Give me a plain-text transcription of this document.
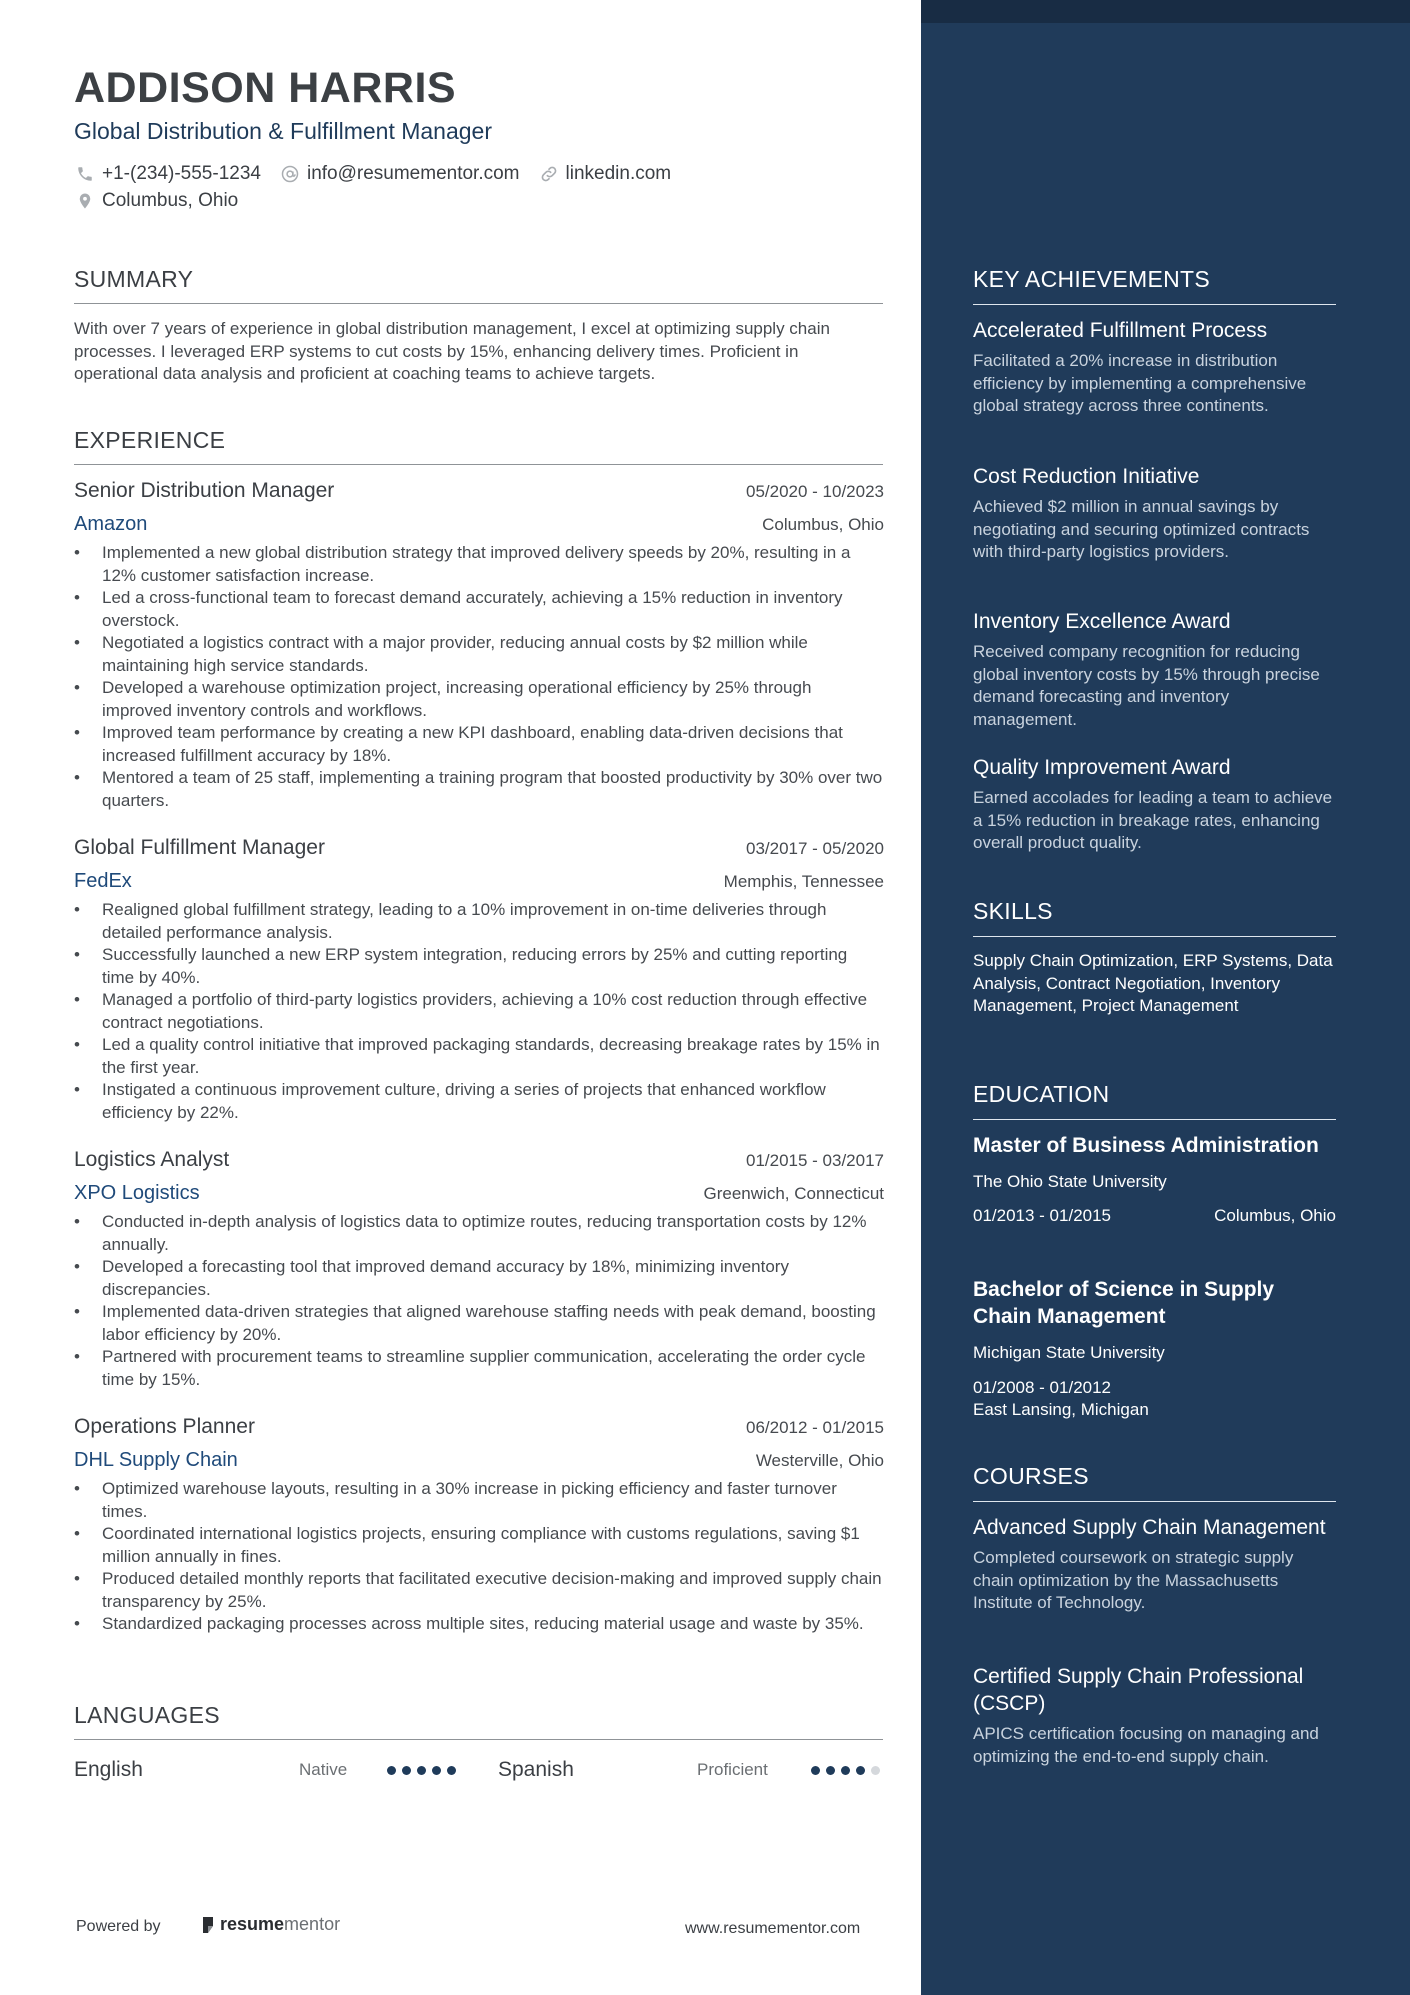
ADDISON HARRIS
Global Distribution & Fulfillment Manager
+1-(234)-555-1234 info@resumementor.com linkedin.com
Columbus, Ohio
SUMMARY
With over 7 years of experience in global distribution management, I excel at optimizing supply chain processes. I leveraged ERP systems to cut costs by 15%, enhancing delivery times. Proficient in operational data analysis and proficient at coaching teams to achieve targets.
EXPERIENCE
Senior Distribution Manager	05/2020 - 10/2023
Amazon	Columbus, Ohio
• Implemented a new global distribution strategy that improved delivery speeds by 20%, resulting in a 12% customer satisfaction increase.
• Led a cross-functional team to forecast demand accurately, achieving a 15% reduction in inventory overstock.
• Negotiated a logistics contract with a major provider, reducing annual costs by $2 million while maintaining high service standards.
• Developed a warehouse optimization project, increasing operational efficiency by 25% through improved inventory controls and workflows.
• Improved team performance by creating a new KPI dashboard, enabling data-driven decisions that increased fulfillment accuracy by 18%.
• Mentored a team of 25 staff, implementing a training program that boosted productivity by 30% over two quarters.
Global Fulfillment Manager	03/2017 - 05/2020
FedEx	Memphis, Tennessee
• Realigned global fulfillment strategy, leading to a 10% improvement in on-time deliveries through detailed performance analysis.
• Successfully launched a new ERP system integration, reducing errors by 25% and cutting reporting time by 40%.
• Managed a portfolio of third-party logistics providers, achieving a 10% cost reduction through effective contract negotiations.
• Led a quality control initiative that improved packaging standards, decreasing breakage rates by 15% in the first year.
• Instigated a continuous improvement culture, driving a series of projects that enhanced workflow efficiency by 22%.
Logistics Analyst	01/2015 - 03/2017
XPO Logistics	Greenwich, Connecticut
• Conducted in-depth analysis of logistics data to optimize routes, reducing transportation costs by 12% annually.
• Developed a forecasting tool that improved demand accuracy by 18%, minimizing inventory discrepancies.
• Implemented data-driven strategies that aligned warehouse staffing needs with peak demand, boosting labor efficiency by 20%.
• Partnered with procurement teams to streamline supplier communication, accelerating the order cycle time by 15%.
Operations Planner	06/2012 - 01/2015
DHL Supply Chain	Westerville, Ohio
• Optimized warehouse layouts, resulting in a 30% increase in picking efficiency and faster turnover times.
• Coordinated international logistics projects, ensuring compliance with customs regulations, saving $1 million annually in fines.
• Produced detailed monthly reports that facilitated executive decision-making and improved supply chain transparency by 25%.
• Standardized packaging processes across multiple sites, reducing material usage and waste by 35%.
LANGUAGES
English	Native	Spanish	Proficient
Powered by	resume mentor	www.resumementor.com
KEY ACHIEVEMENTS
Accelerated Fulfillment Process
Facilitated a 20% increase in distribution efficiency by implementing a comprehensive global strategy across three continents.
Cost Reduction Initiative
Achieved $2 million in annual savings by negotiating and securing optimized contracts with third-party logistics providers.
Inventory Excellence Award
Received company recognition for reducing global inventory costs by 15% through precise demand forecasting and inventory management.
Quality Improvement Award
Earned accolades for leading a team to achieve a 15% reduction in breakage rates, enhancing overall product quality.
SKILLS
Supply Chain Optimization, ERP Systems, Data Analysis, Contract Negotiation, Inventory Management, Project Management
EDUCATION
Master of Business Administration
The Ohio State University
01/2013 - 01/2015	Columbus, Ohio
Bachelor of Science in Supply Chain Management
Michigan State University
01/2008 - 01/2012
East Lansing, Michigan
COURSES
Advanced Supply Chain Management
Completed coursework on strategic supply chain optimization by the Massachusetts Institute of Technology.
Certified Supply Chain Professional (CSCP)
APICS certification focusing on managing and optimizing the end-to-end supply chain.
